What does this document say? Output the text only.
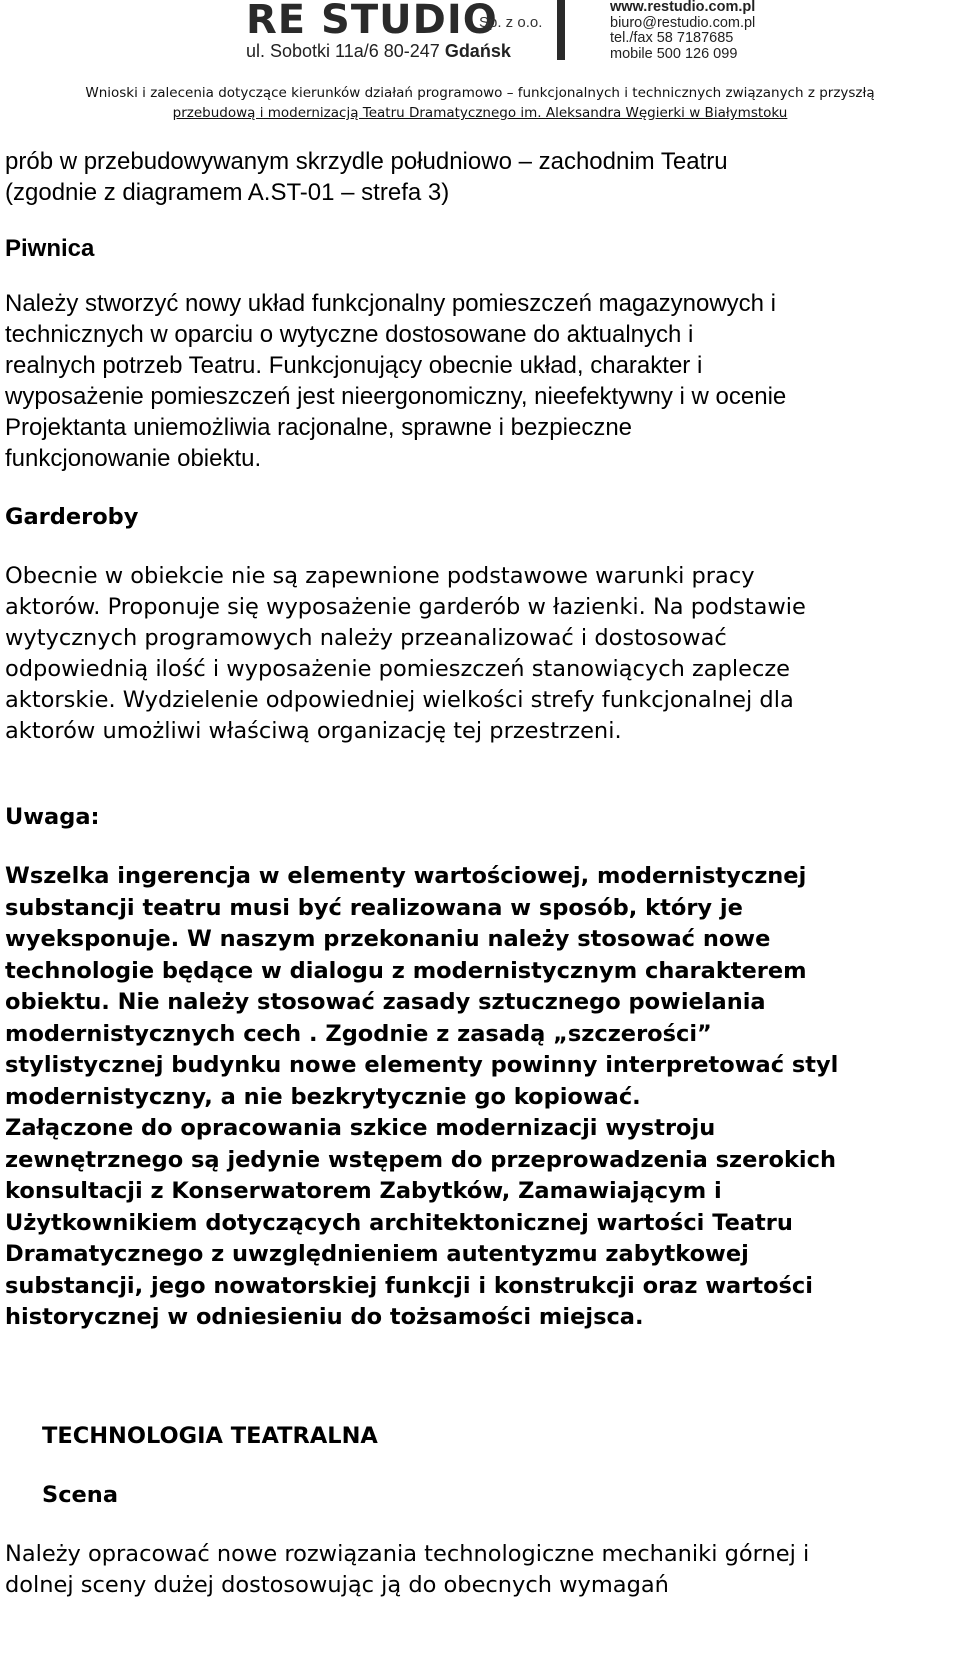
RE STUDIO
Sp. z o.o.
ul. Sobotki 11a/6 80-247 Gdańsk
www.restudio.com.pl
biuro@restudio.com.pl
tel./fax 58 7187685
mobile 500 126 099
Wnioski i zalecenia dotyczące kierunków działań programowo – funkcjonalnych i technicznych związanych z przyszłą
przebudową i modernizacją Teatru Dramatycznego im. Aleksandra Węgierki w Białymstoku

prób w przebudowywanym skrzydle południowo – zachodnim Teatru
(zgodnie z diagramem A.ST-01 – strefa 3)

Piwnica

Należy stworzyć nowy układ funkcjonalny pomieszczeń magazynowych i
technicznych w oparciu o wytyczne dostosowane do aktualnych i
realnych potrzeb Teatru. Funkcjonujący obecnie układ, charakter i
wyposażenie pomieszczeń jest nieergonomiczny, nieefektywny i w ocenie
Projektanta uniemożliwia racjonalne, sprawne i bezpieczne
funkcjonowanie obiektu.

Garderoby

Obecnie w obiekcie nie są zapewnione podstawowe warunki pracy
aktorów. Proponuje się wyposażenie garderób w łazienki. Na podstawie
wytycznych programowych należy przeanalizować i dostosować
odpowiednią ilość i wyposażenie pomieszczeń stanowiących zaplecze
aktorskie. Wydzielenie odpowiedniej wielkości strefy funkcjonalnej dla
aktorów umożliwi właściwą organizację tej przestrzeni.

Uwaga:

Wszelka ingerencja w elementy wartościowej, modernistycznej
substancji teatru musi być realizowana w sposób, który je
wyeksponuje. W naszym przekonaniu należy stosować nowe
technologie będące w dialogu z modernistycznym charakterem
obiektu. Nie należy stosować zasady sztucznego powielania
modernistycznych cech . Zgodnie z zasadą „szczerości”
stylistycznej budynku nowe elementy powinny interpretować styl
modernistyczny, a nie bezkrytycznie go kopiować.
Załączone do opracowania szkice modernizacji wystroju
zewnętrznego są jedynie wstępem do przeprowadzenia szerokich
konsultacji z Konserwatorem Zabytków, Zamawiającym i
Użytkownikiem dotyczących architektonicznej wartości Teatru
Dramatycznego z uwzględnieniem autentyzmu zabytkowej
substancji, jego nowatorskiej funkcji i konstrukcji oraz wartości
historycznej w odniesieniu do tożsamości miejsca.

TECHNOLOGIA TEATRALNA

Scena

Należy opracować nowe rozwiązania technologiczne mechaniki górnej i
dolnej sceny dużej dostosowując ją do obecnych wymagań
